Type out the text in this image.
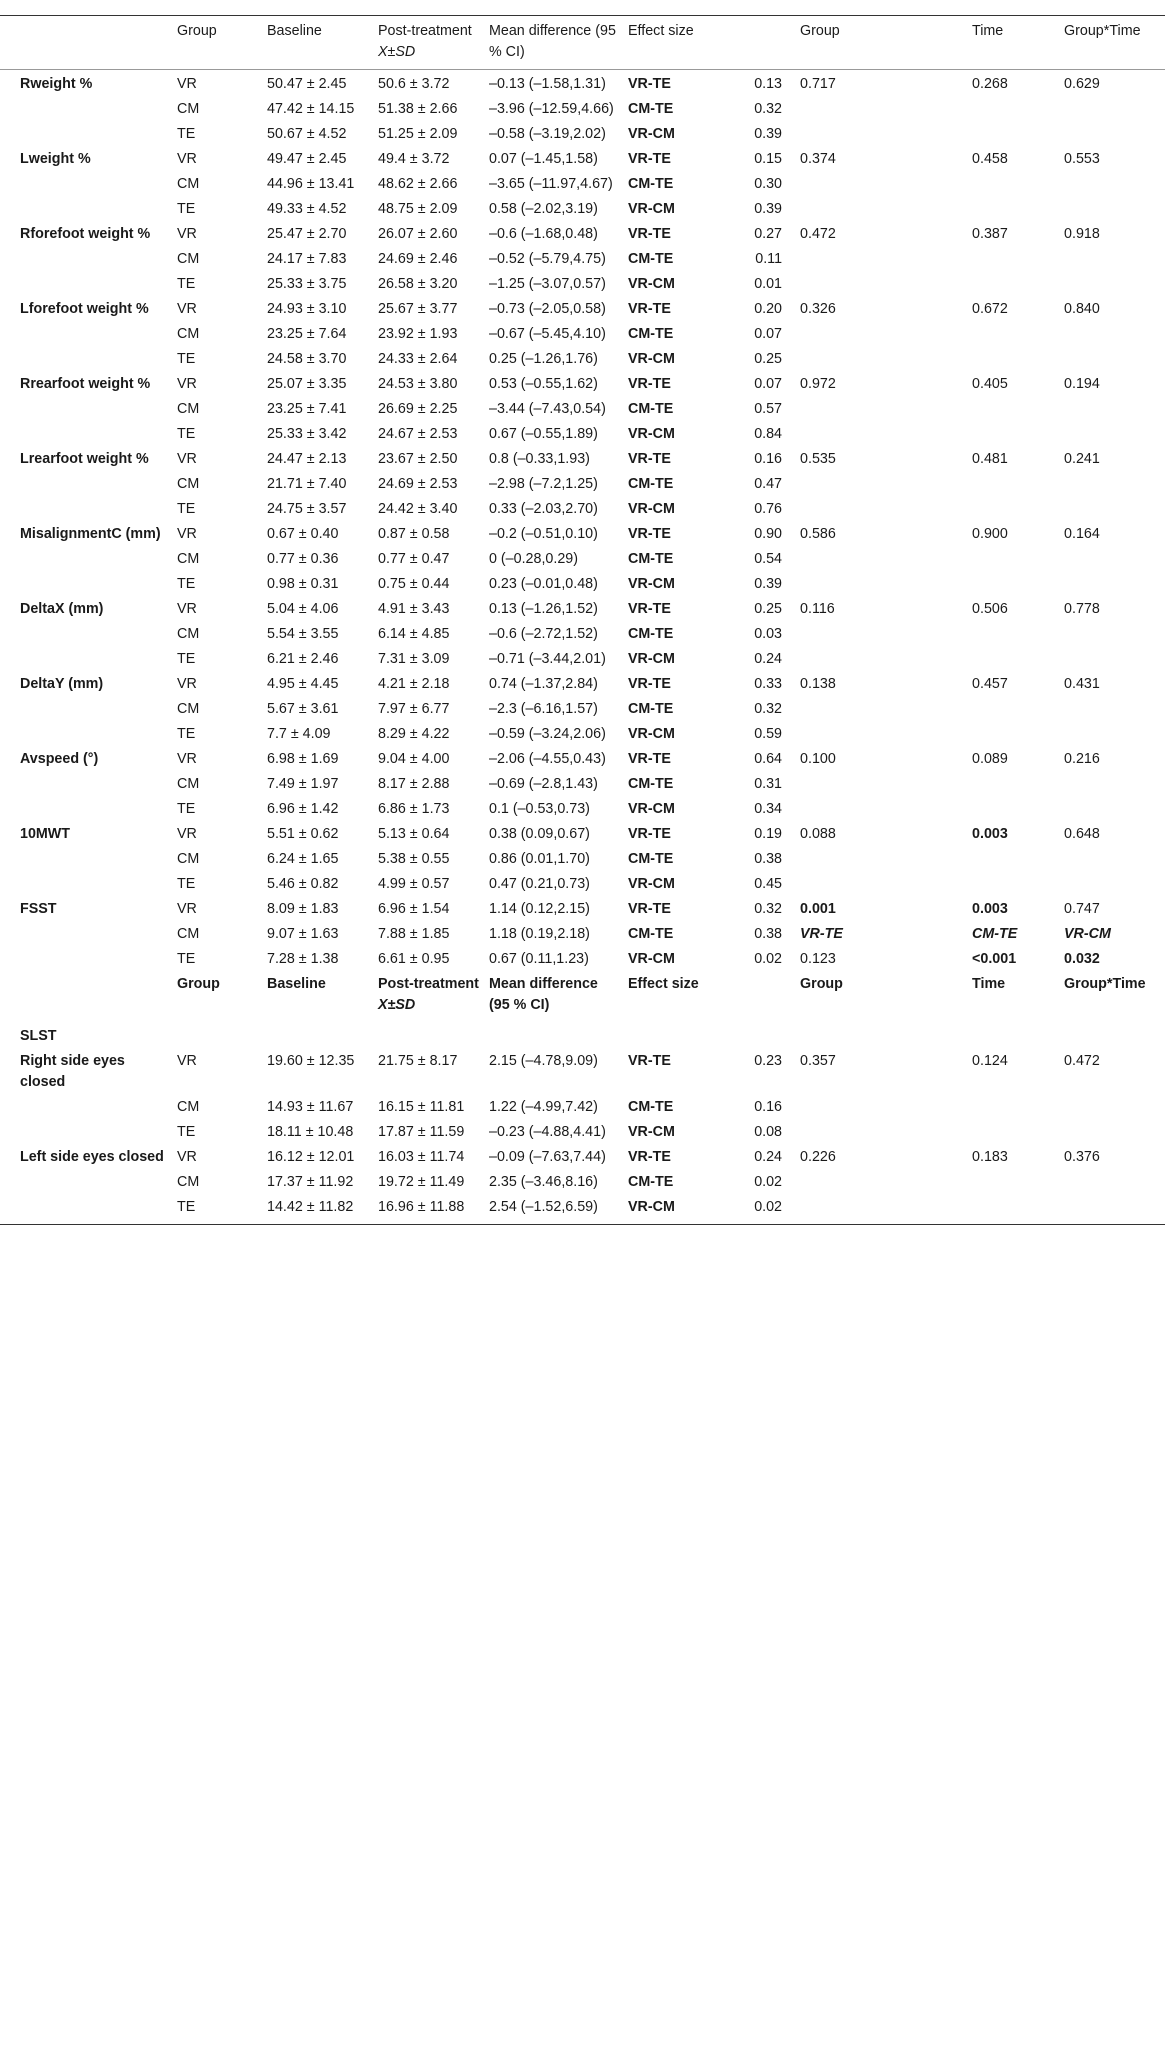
	Group	Baseline	Post-treatment
X±SD	Mean difference (95 % CI)	Effect size		Group	Time	Group*Time
Rweight %	VR	50.47 ± 2.45	50.6 ± 3.72	–0.13 (–1.58,1.31)	VR-TE	0.13	0.717	0.268	0.629
	CM	47.42 ± 14.15	51.38 ± 2.66	–3.96 (–12.59,4.66)	CM-TE	0.32			
	TE	50.67 ± 4.52	51.25 ± 2.09	–0.58 (–3.19,2.02)	VR-CM	0.39			
Lweight %	VR	49.47 ± 2.45	49.4 ± 3.72	0.07 (–1.45,1.58)	VR-TE	0.15	0.374	0.458	0.553
	CM	44.96 ± 13.41	48.62 ± 2.66	–3.65 (–11.97,4.67)	CM-TE	0.30			
	TE	49.33 ± 4.52	48.75 ± 2.09	0.58 (–2.02,3.19)	VR-CM	0.39			
Rforefoot weight %	VR	25.47 ± 2.70	26.07 ± 2.60	–0.6 (–1.68,0.48)	VR-TE	0.27	0.472	0.387	0.918
	CM	24.17 ± 7.83	24.69 ± 2.46	–0.52 (–5.79,4.75)	CM-TE	0.11			
	TE	25.33 ± 3.75	26.58 ± 3.20	–1.25 (–3.07,0.57)	VR-CM	0.01			
Lforefoot weight %	VR	24.93 ± 3.10	25.67 ± 3.77	–0.73 (–2.05,0.58)	VR-TE	0.20	0.326	0.672	0.840
	CM	23.25 ± 7.64	23.92 ± 1.93	–0.67 (–5.45,4.10)	CM-TE	0.07			
	TE	24.58 ± 3.70	24.33 ± 2.64	0.25 (–1.26,1.76)	VR-CM	0.25			
Rrearfoot weight %	VR	25.07 ± 3.35	24.53 ± 3.80	0.53 (–0.55,1.62)	VR-TE	0.07	0.972	0.405	0.194
	CM	23.25 ± 7.41	26.69 ± 2.25	–3.44 (–7.43,0.54)	CM-TE	0.57			
	TE	25.33 ± 3.42	24.67 ± 2.53	0.67 (–0.55,1.89)	VR-CM	0.84			
Lrearfoot weight %	VR	24.47 ± 2.13	23.67 ± 2.50	0.8 (–0.33,1.93)	VR-TE	0.16	0.535	0.481	0.241
	CM	21.71 ± 7.40	24.69 ± 2.53	–2.98 (–7.2,1.25)	CM-TE	0.47			
	TE	24.75 ± 3.57	24.42 ± 3.40	0.33 (–2.03,2.70)	VR-CM	0.76			
MisalignmentC (mm)	VR	0.67 ± 0.40	0.87 ± 0.58	–0.2 (–0.51,0.10)	VR-TE	0.90	0.586	0.900	0.164
	CM	0.77 ± 0.36	0.77 ± 0.47	0 (–0.28,0.29)	CM-TE	0.54			
	TE	0.98 ± 0.31	0.75 ± 0.44	0.23 (–0.01,0.48)	VR-CM	0.39			
DeltaX (mm)	VR	5.04 ± 4.06	4.91 ± 3.43	0.13 (–1.26,1.52)	VR-TE	0.25	0.116	0.506	0.778
	CM	5.54 ± 3.55	6.14 ± 4.85	–0.6 (–2.72,1.52)	CM-TE	0.03			
	TE	6.21 ± 2.46	7.31 ± 3.09	–0.71 (–3.44,2.01)	VR-CM	0.24			
DeltaY (mm)	VR	4.95 ± 4.45	4.21 ± 2.18	0.74 (–1.37,2.84)	VR-TE	0.33	0.138	0.457	0.431
	CM	5.67 ± 3.61	7.97 ± 6.77	–2.3 (–6.16,1.57)	CM-TE	0.32			
	TE	7.7 ± 4.09	8.29 ± 4.22	–0.59 (–3.24,2.06)	VR-CM	0.59			
Avspeed (°)	VR	6.98 ± 1.69	9.04 ± 4.00	–2.06 (–4.55,0.43)	VR-TE	0.64	0.100	0.089	0.216
	CM	7.49 ± 1.97	8.17 ± 2.88	–0.69 (–2.8,1.43)	CM-TE	0.31			
	TE	6.96 ± 1.42	6.86 ± 1.73	0.1 (–0.53,0.73)	VR-CM	0.34			
10MWT	VR	5.51 ± 0.62	5.13 ± 0.64	0.38 (0.09,0.67)	VR-TE	0.19	0.088	0.003	0.648
	CM	6.24 ± 1.65	5.38 ± 0.55	0.86 (0.01,1.70)	CM-TE	0.38			
	TE	5.46 ± 0.82	4.99 ± 0.57	0.47 (0.21,0.73)	VR-CM	0.45			
FSST	VR	8.09 ± 1.83	6.96 ± 1.54	1.14 (0.12,2.15)	VR-TE	0.32	0.001	0.003	0.747
	CM	9.07 ± 1.63	7.88 ± 1.85	1.18 (0.19,2.18)	CM-TE	0.38	VR-TE	CM-TE	VR-CM
	TE	7.28 ± 1.38	6.61 ± 0.95	0.67 (0.11,1.23)	VR-CM	0.02	0.123	<0.001	0.032
	Group	Baseline	Post-treatment
X±SD	Mean difference (95 % CI)	Effect size		Group	Time	Group*Time
SLST									
Right side eyes closed	VR	19.60 ± 12.35	21.75 ± 8.17	2.15 (–4.78,9.09)	VR-TE	0.23	0.357	0.124	0.472
	CM	14.93 ± 11.67	16.15 ± 11.81	1.22 (–4.99,7.42)	CM-TE	0.16			
	TE	18.11 ± 10.48	17.87 ± 11.59	–0.23 (–4.88,4.41)	VR-CM	0.08			
Left side eyes closed	VR	16.12 ± 12.01	16.03 ± 11.74	–0.09 (–7.63,7.44)	VR-TE	0.24	0.226	0.183	0.376
	CM	17.37 ± 11.92	19.72 ± 11.49	2.35 (–3.46,8.16)	CM-TE	0.02			
	TE	14.42 ± 11.82	16.96 ± 11.88	2.54 (–1.52,6.59)	VR-CM	0.02			
